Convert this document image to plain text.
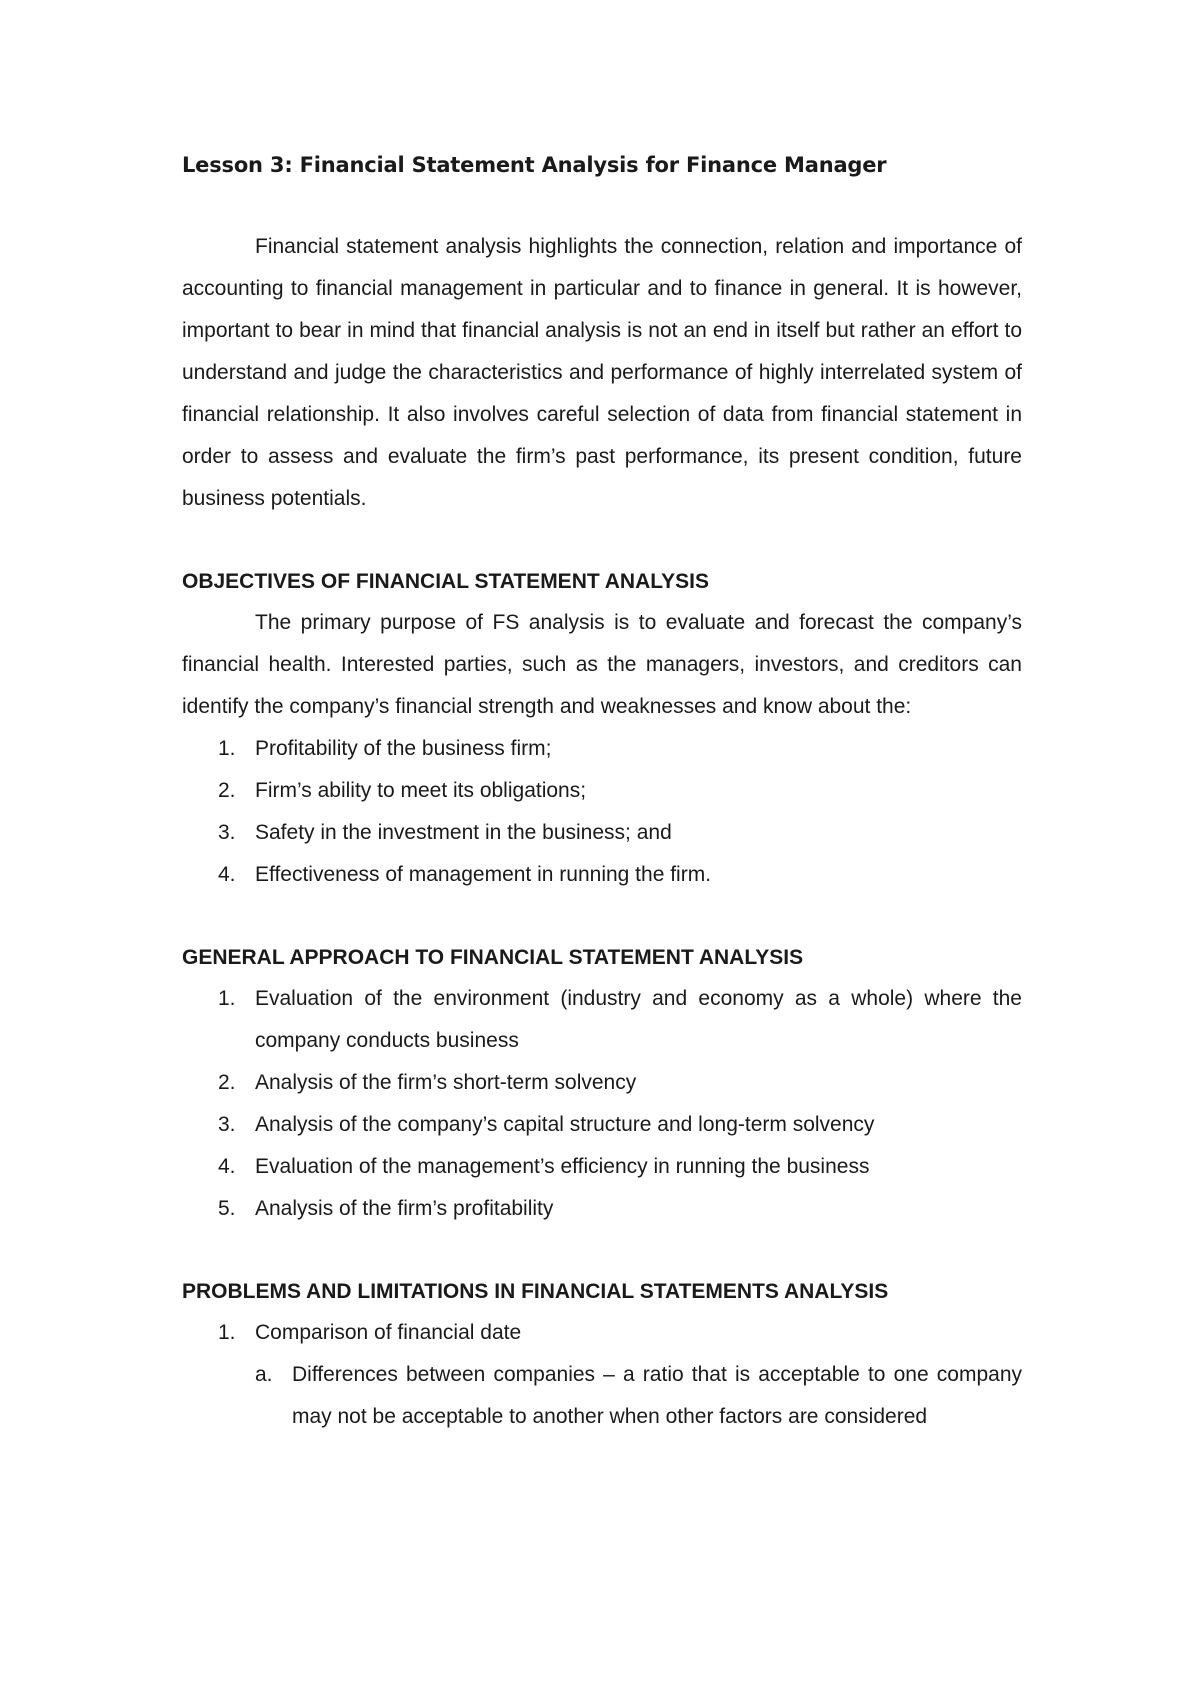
Lesson 3: Financial Statement Analysis for Finance Manager

Financial statement analysis highlights the connection, relation and importance of accounting to financial management in particular and to finance in general. It is however, important to bear in mind that financial analysis is not an end in itself but rather an effort to understand and judge the characteristics and performance of highly interrelated system of financial relationship. It also involves careful selection of data from financial statement in order to assess and evaluate the firm’s past performance, its present condition, future business potentials.

OBJECTIVES OF FINANCIAL STATEMENT ANALYSIS

The primary purpose of FS analysis is to evaluate and forecast the company’s financial health. Interested parties, such as the managers, investors, and creditors can identify the company’s financial strength and weaknesses and know about the:

1. Profitability of the business firm;
2. Firm’s ability to meet its obligations;
3. Safety in the investment in the business; and
4. Effectiveness of management in running the firm.

GENERAL APPROACH TO FINANCIAL STATEMENT ANALYSIS

1. Evaluation of the environment (industry and economy as a whole) where the company conducts business
2. Analysis of the firm’s short-term solvency
3. Analysis of the company’s capital structure and long-term solvency
4. Evaluation of the management’s efficiency in running the business
5. Analysis of the firm’s profitability

PROBLEMS AND LIMITATIONS IN FINANCIAL STATEMENTS ANALYSIS

1. Comparison of financial date
a. Differences between companies – a ratio that is acceptable to one company may not be acceptable to another when other factors are considered
